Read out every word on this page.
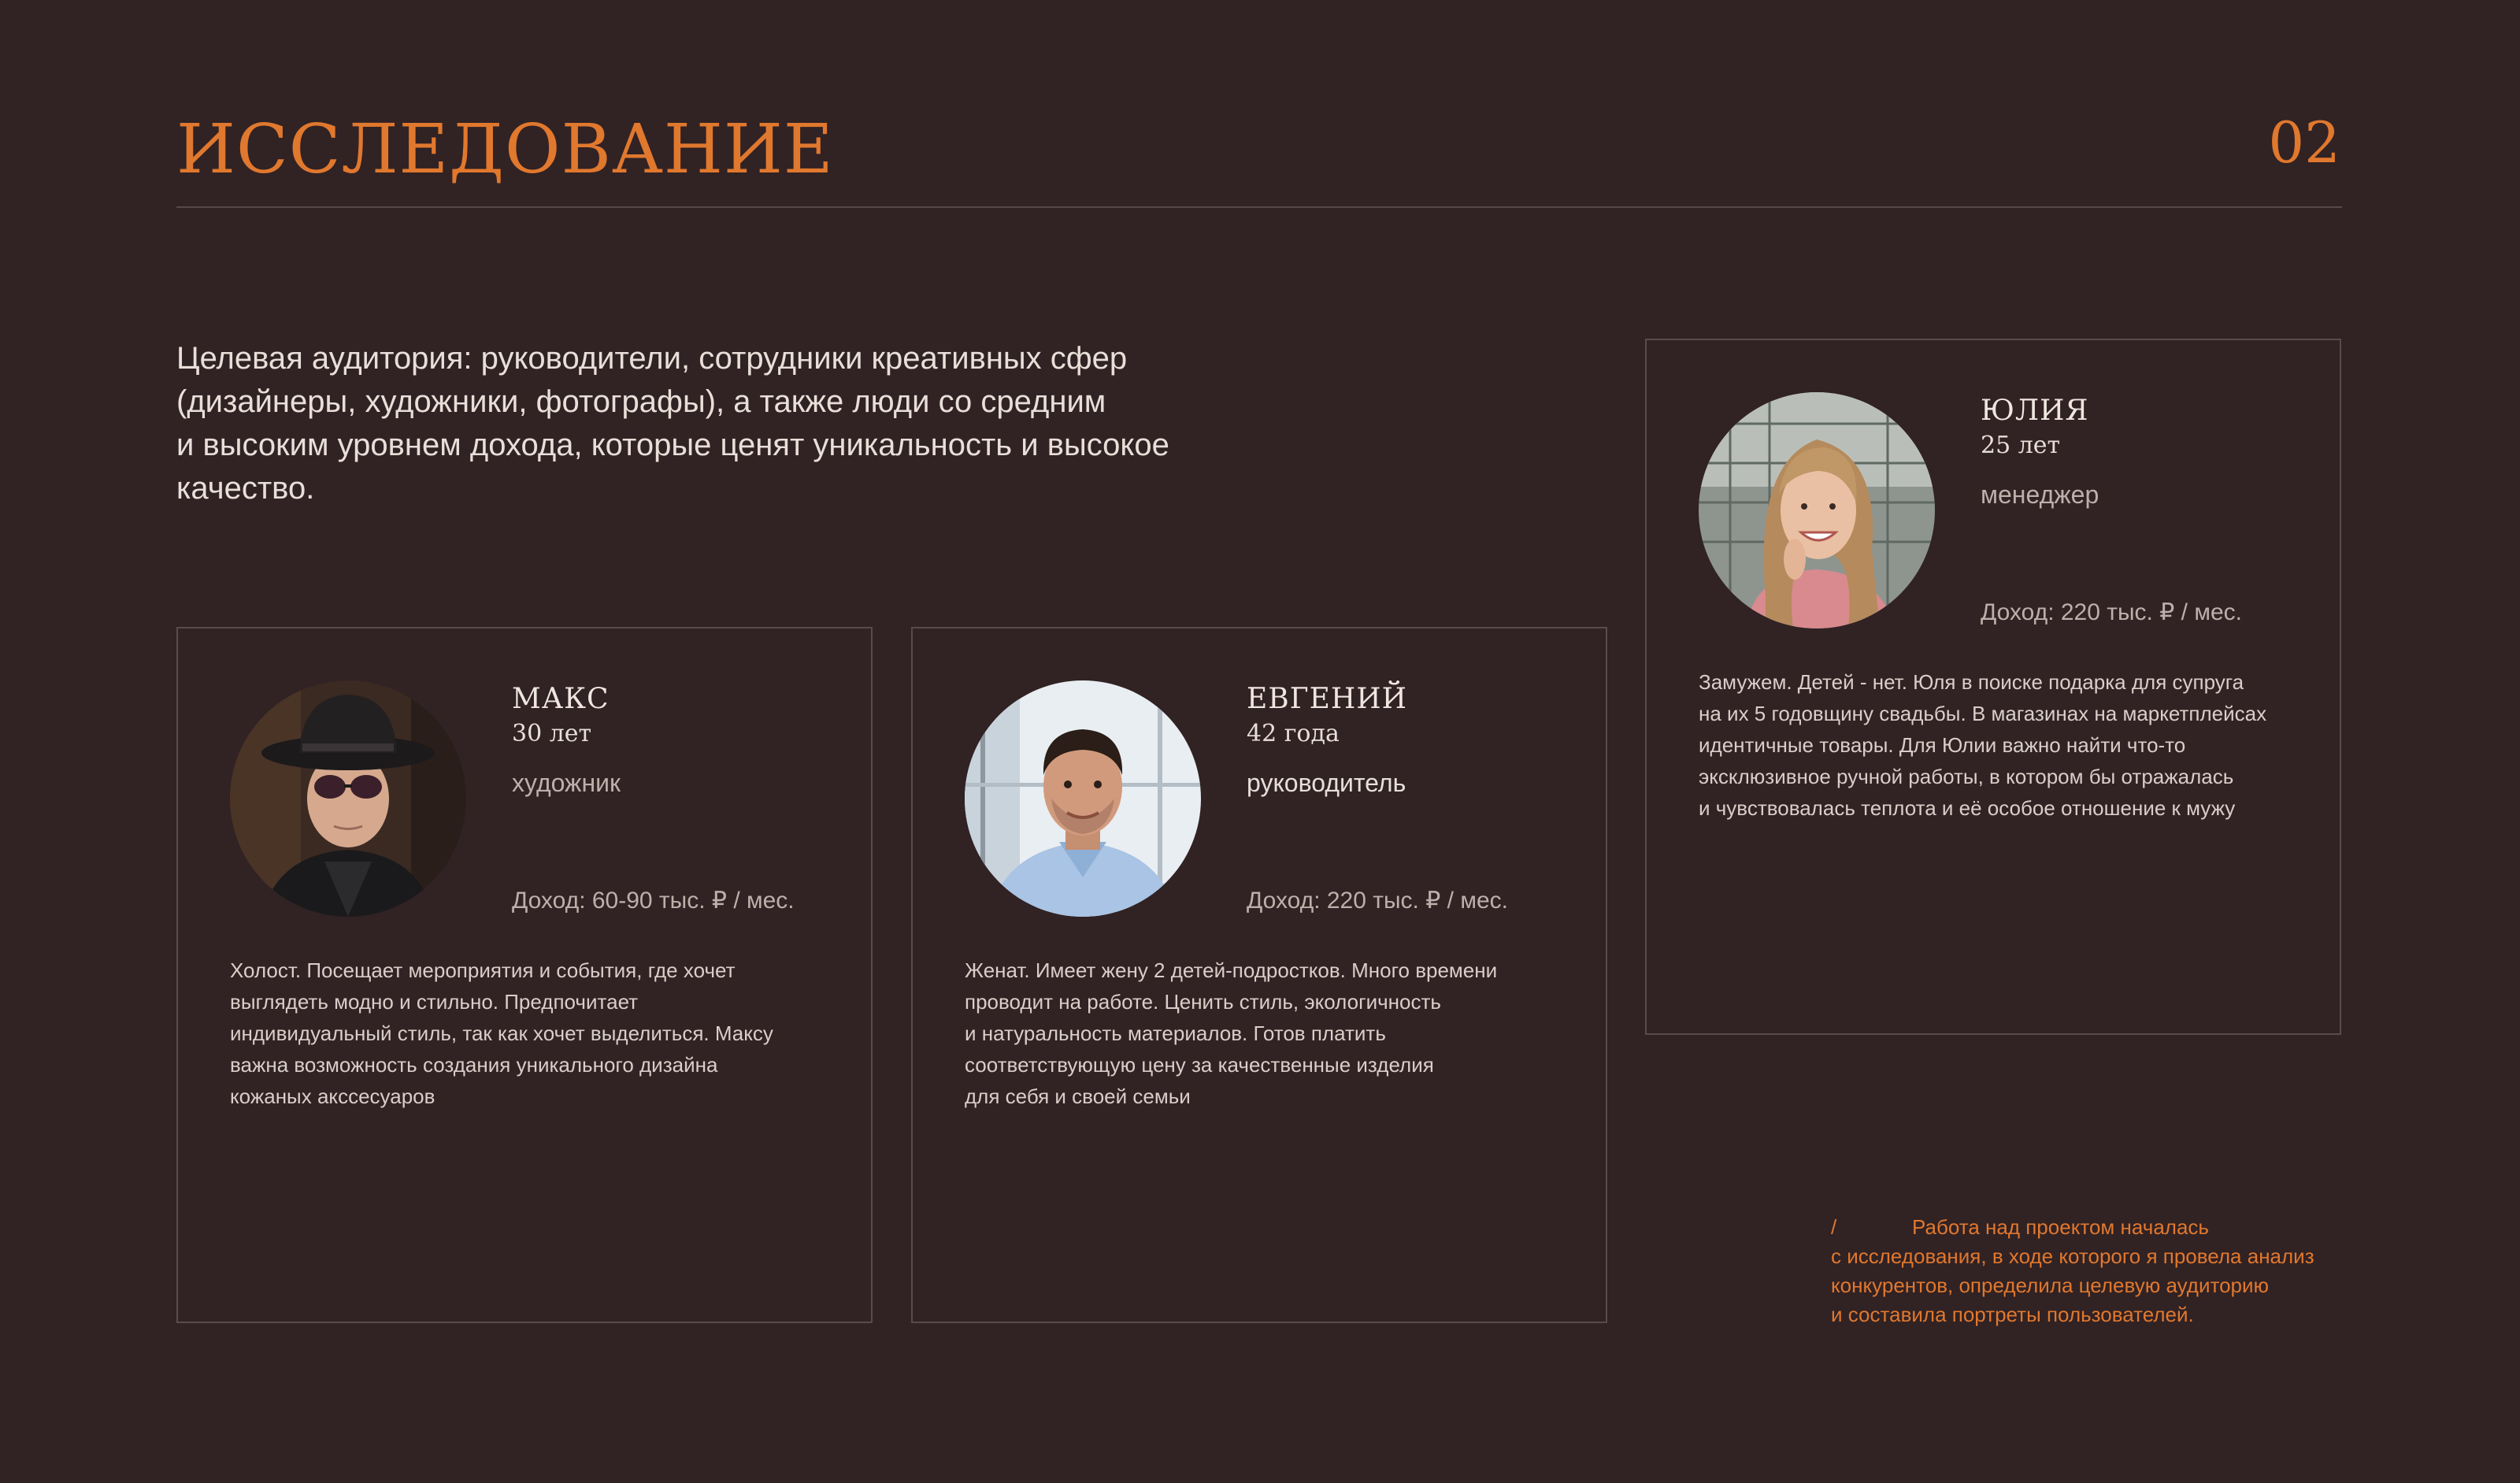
ИССЛЕДОВАНИЕ	02

Целевая аудитория: руководители, сотрудники креативных сфер
(дизайнеры, художники, фотографы), а также люди со средним
и высоким уровнем дохода, которые ценят уникальность и высокое
качество.

МАКС
30 лет
художник
Доход: 60-90 тыс. ₽ / мес.

Холост. Посещает мероприятия и события, где хочет
выглядеть модно и стильно. Предпочитает
индивидуальный стиль, так как хочет выделиться. Максу
важна возможность создания уникального дизайна
кожаных акссесуаров

ЕВГЕНИЙ
42 года
руководитель
Доход: 220 тыс. ₽ / мес.

Женат. Имеет жену 2 детей-подростков. Много времени
проводит на работе. Ценить стиль, экологичность
и натуральность материалов. Готов платить
соответствующую цену за качественные изделия
для себя и своей семьи

ЮЛИЯ
25 лет
менеджер
Доход: 220 тыс. ₽ / мес.

Замужем. Детей - нет. Юля в поиске подарка для супруга
на их 5 годовщину свадьбы. В магазинах на маркетплейсах
идентичные товары. Для Юлии важно найти что-то
эксклюзивное ручной работы, в котором бы отражалась
и чувствовалась теплота и её особое отношение к мужу

/	Работа над проектом началась
с исследования, в ходе которого я провела анализ
конкурентов, определила целевую аудиторию
и составила портреты пользователей.
